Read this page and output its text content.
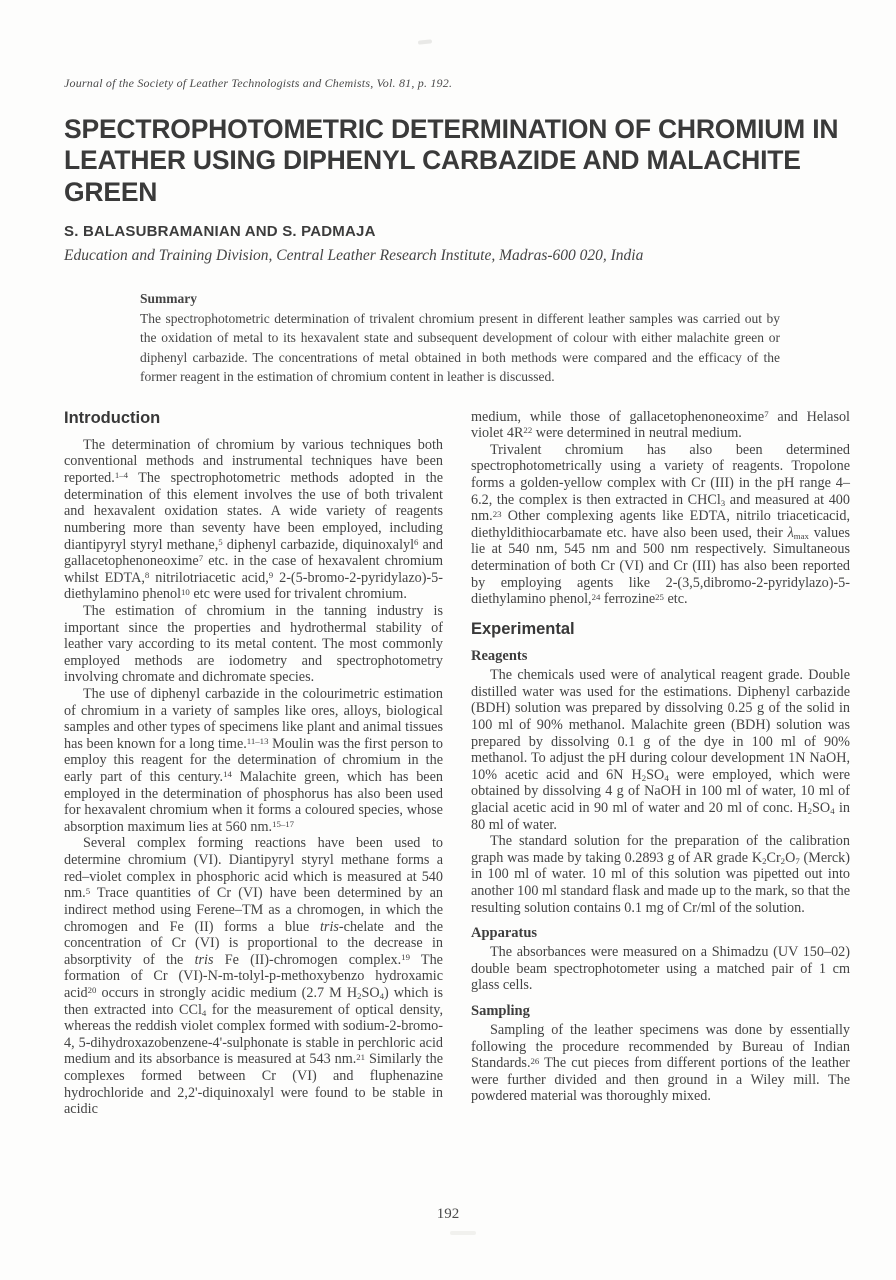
Journal of the Society of Leather Technologists and Chemists, Vol. 81, p. 192.
SPECTROPHOTOMETRIC DETERMINATION OF CHROMIUM IN
LEATHER USING DIPHENYL CARBAZIDE AND MALACHITE
GREEN
S. BALASUBRAMANIAN AND S. PADMAJA
Education and Training Division, Central Leather Research Institute, Madras-600 020, India
Summary
The spectrophotometric determination of trivalent chromium present in different leather samples was carried out by the oxidation of metal to its hexavalent state and subsequent development of colour with either malachite green or diphenyl carbazide. The concentrations of metal obtained in both methods were compared and the efficacy of the former reagent in the estimation of chromium content in leather is discussed.
Introduction

The determination of chromium by various techniques both conventional methods and instrumental techniques have been reported.$^{1-4}$ The spectrophotometric methods adopted in the determination of this element involves the use of both trivalent and hexavalent oxidation states. A wide variety of reagents numbering more than seventy have been employed, including diantipyryl styryl methane,$^5$ diphenyl carbazide, diquinoxalyl$^6$ and gallacetophenoneoxime$^7$ etc. in the case of hexavalent chromium whilst EDTA,$^8$ nitrilotriacetic acid,$^9$ 2-(5-bromo-2-pyridylazo)-5-diethylamino phenol$^{10}$ etc were used for trivalent chromium.

The estimation of chromium in the tanning industry is important since the properties and hydrothermal stability of leather vary according to its metal content. The most commonly employed methods are iodometry and spectrophotometry involving chromate and dichromate species.

The use of diphenyl carbazide in the colourimetric estimation of chromium in a variety of samples like ores, alloys, biological samples and other types of specimens like plant and animal tissues has been known for a long time.$^{11-13}$ Moulin was the first person to employ this reagent for the determination of chromium in the early part of this century.$^{14}$ Malachite green, which has been employed in the determination of phosphorus has also been used for hexavalent chromium when it forms a coloured species, whose absorption maximum lies at 560 nm.$^{15-17}$

Several complex forming reactions have been used to determine chromium (VI). Diantipyryl styryl methane forms a red–violet complex in phosphoric acid which is measured at 540 nm.$^5$ Trace quantities of Cr (VI) have been determined by an indirect method using Ferene–TM as a chromogen, in which the chromogen and Fe (II) forms a blue tris-chelate and the concentration of Cr (VI) is proportional to the decrease in absorptivity of the tris Fe (II)-chromogen complex.$^{19}$ The formation of Cr (VI)-N-m-tolyl-p-methoxybenzo hydroxamic acid$^{20}$ occurs in strongly acidic medium (2.7 M $H_2SO_4$) which is then extracted into CCl$_4$ for the measurement of optical density, whereas the reddish violet complex formed with sodium-2-bromo-4, 5-dihydroxazobenzene-4'-sulphonate is stable in perchloric acid medium and its absorbance is measured at 543 nm.$^{21}$ Similarly the complexes formed between Cr (VI) and fluphenazine hydrochloride and 2,2'-diquinoxalyl were found to be stable in acidic

medium, while those of gallacetophenoneoxime$^7$ and Helasol violet $4R^{22}$ were determined in neutral medium.

Trivalent chromium has also been determined spectrophotometrically using a variety of reagents. Tropolone forms a golden-yellow complex with Cr (III) in the pH range 4–6.2, the complex is then extracted in CHCl$_3$ and measured at 400 nm.$^{23}$ Other complexing agents like EDTA, nitrilo triaceticacid, diethyldithiocarbamate etc. have also been used, their $\lambda_{max}$ values lie at 540 nm, 545 nm and 500 nm respectively. Simultaneous determination of both Cr (VI) and Cr (III) has also been reported by employing agents like 2-(3,5,dibromo-2-pyridylazo)-5-diethylamino phenol,$^{24}$ ferrozine$^{25}$ etc.

Experimental
Reagents

The chemicals used were of analytical reagent grade. Double distilled water was used for the estimations. Diphenyl carbazide (BDH) solution was prepared by dissolving 0.25 g of the solid in 100 ml of 90% methanol. Malachite green (BDH) solution was prepared by dissolving 0.1 g of the dye in 100 ml of 90% methanol. To adjust the pH during colour development 1N NaOH, 10% acetic acid and 6N $H_2SO_4$ were employed, which were obtained by dissolving 4 g of NaOH in 100 ml of water, 10 ml of glacial acetic acid in 90 ml of water and 20 ml of conc. $H_2SO_4$ in 80 ml of water.

The standard solution for the preparation of the calibration graph was made by taking 0.2893 g of AR grade $K_2Cr_2O_7$ (Merck) in 100 ml of water. 10 ml of this solution was pipetted out into another 100 ml standard flask and made up to the mark, so that the resulting solution contains 0.1 mg of Cr/ml of the solution.

Apparatus

The absorbances were measured on a Shimadzu (UV 150–02) double beam spectrophotometer using a matched pair of 1 cm glass cells.

Sampling

Sampling of the leather specimens was done by essentially following the procedure recommended by Bureau of Indian Standards.$^{26}$ The cut pieces from different portions of the leather were further divided and then ground in a Wiley mill. The powdered material was thoroughly mixed.

192
